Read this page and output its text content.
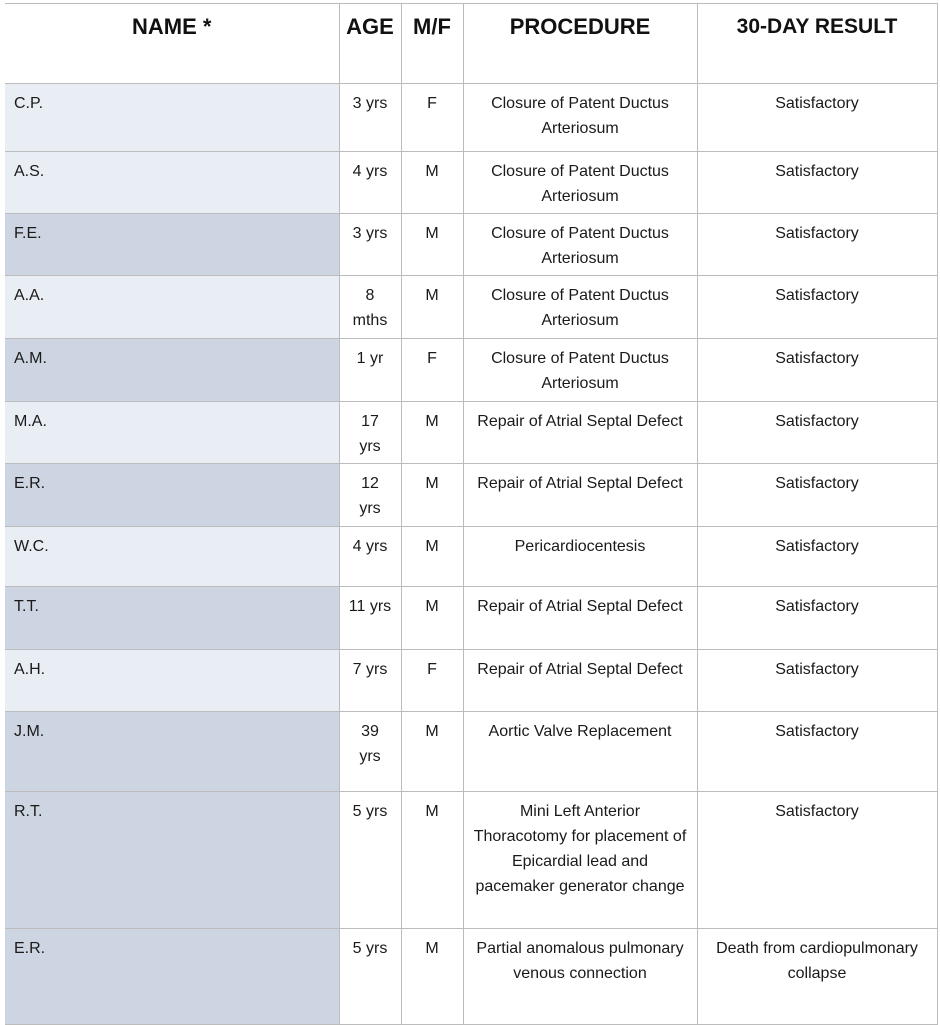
NAME *	AGE	M/F	PROCEDURE	30-DAY RESULT

C.P.	3 yrs	F	Closure of Patent Ductus Arteriosum	Satisfactory

A.S.	4 yrs	M	Closure of Patent Ductus Arteriosum	Satisfactory

F.E.	3 yrs	M	Closure of Patent Ductus Arteriosum	Satisfactory

A.A.	8 mths	M	Closure of Patent Ductus Arteriosum	Satisfactory

A.M.	1 yr	F	Closure of Patent Ductus Arteriosum	Satisfactory

M.A.	17 yrs	M	Repair of Atrial Septal Defect	Satisfactory

E.R.	12 yrs	M	Repair of Atrial Septal Defect	Satisfactory

W.C.	4 yrs	M	Pericardiocentesis	Satisfactory

T.T.	11 yrs	M	Repair of Atrial Septal Defect	Satisfactory

A.H.	7 yrs	F	Repair of Atrial Septal Defect	Satisfactory

J.M.	39 yrs	M	Aortic Valve Replacement	Satisfactory

R.T.	5 yrs	M	Mini Left Anterior Thoracotomy for placement of Epicardial lead and pacemaker generator change	Satisfactory

E.R.	5 yrs	M	Partial anomalous pulmonary venous connection	Death from cardiopulmonary collapse
